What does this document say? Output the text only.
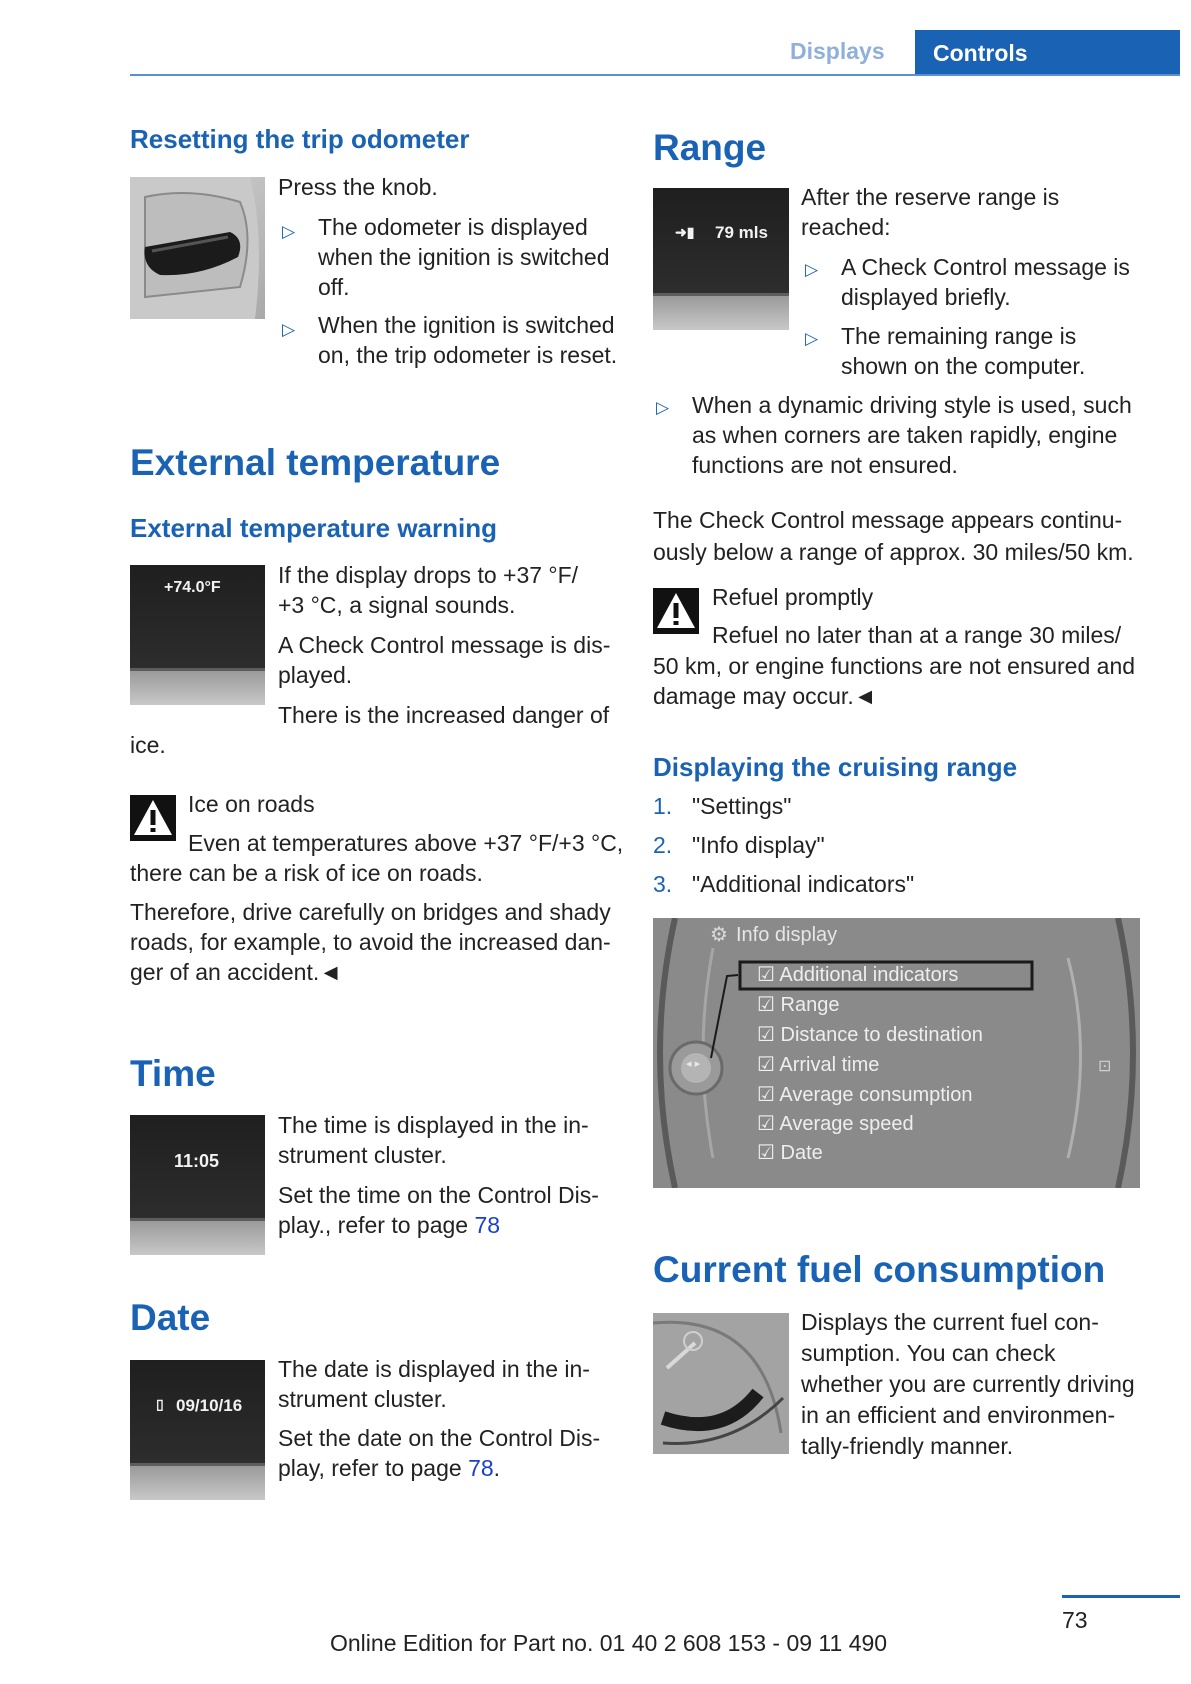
Displays	Controls
Resetting the trip odometer
Press the knob.
▷ The odometer is displayed
when the ignition is switched
off.
▷ When the ignition is switched
on, the trip odometer is reset.
External temperature
External temperature warning
+74.0°F If the display drops to +37 °F/
+3 °C, a signal sounds.
A Check Control message is dis-
played.
There is the increased danger of
ice.
Ice on roads
Even at temperatures above +37 °F/+3 °C,
there can be a risk of ice on roads.
Therefore, drive carefully on bridges and shady
roads, for example, to avoid the increased dan-
ger of an accident.◄
Time
11:05
The time is displayed in the in-
strument cluster.
Set the time on the Control Dis-
play., refer to page 78
Date
▯ 09/10/16
The date is displayed in the in-
strument cluster.
Set the date on the Control Dis-
play, refer to page 78.
Range
➜▮ 79 mls
After the reserve range is
reached:
▷ A Check Control message is
displayed briefly.
▷ The remaining range is
shown on the computer.
▷ When a dynamic driving style is used, such
as when corners are taken rapidly, engine
functions are not ensured.
The Check Control message appears continu-
ously below a range of approx. 30 miles/50 km.
Refuel promptly
Refuel no later than at a range 30 miles/
50 km, or engine functions are not ensured and
damage may occur.◄
Displaying the cruising range
1. "Settings"
2. "Info display"
3. "Additional indicators"
⚙ Info display
◂ ▸	⊡
☑ Additional indicators
☑ Range
☑ Distance to destination
☑ Arrival time
☑ Average consumption
☑ Average speed
☑ Date
Current fuel consumption
Displays the current fuel con-
sumption. You can check
whether you are currently driving
in an efficient and environmen-
tally-friendly manner.
73
Online Edition for Part no. 01 40 2 608 153 - 09 11 490
